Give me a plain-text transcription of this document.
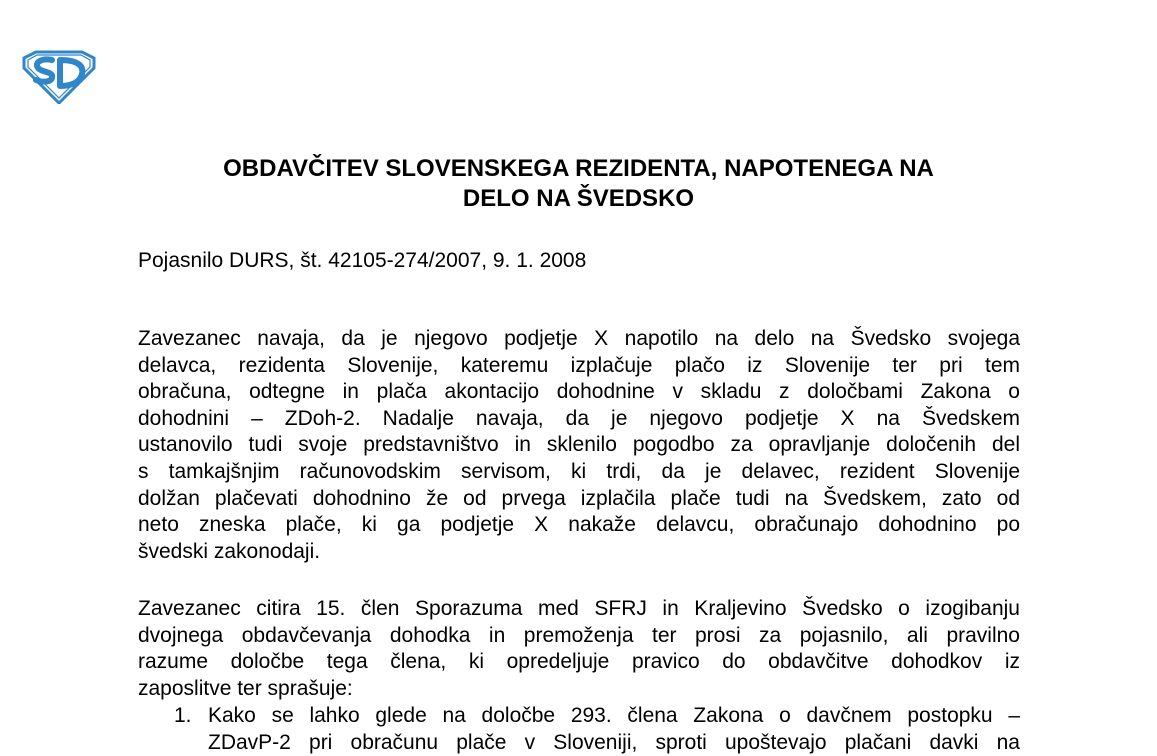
OBDAVČITEV SLOVENSKEGA REZIDENTA, NAPOTENEGA NA
DELO NA ŠVEDSKO
Pojasnilo DURS, št. 42105-274/2007, 9. 1. 2008

Zavezanec navaja, da je njegovo podjetje X napotilo na delo na Švedsko svojega
delavca, rezidenta Slovenije, kateremu izplačuje plačo iz Slovenije ter pri tem
obračuna, odtegne in plača akontacijo dohodnine v skladu z določbami Zakona o
dohodnini – ZDoh-2. Nadalje navaja, da je njegovo podjetje X na Švedskem
ustanovilo tudi svoje predstavništvo in sklenilo pogodbo za opravljanje določenih del
s tamkajšnjim računovodskim servisom, ki trdi, da je delavec, rezident Slovenije
dolžan plačevati dohodnino že od prvega izplačila plače tudi na Švedskem, zato od
neto zneska plače, ki ga podjetje X nakaže delavcu, obračunajo dohodnino po
švedski zakonodaji.

Zavezanec citira 15. člen Sporazuma med SFRJ in Kraljevino Švedsko o izogibanju
dvojnega obdavčevanja dohodka in premoženja ter prosi za pojasnilo, ali pravilno
razume določbe tega člena, ki opredeljuje pravico do obdavčitve dohodkov iz
zaposlitve ter sprašuje:

1. Kako se lahko glede na določbe 293. člena Zakona o davčnem postopku –
ZDavP-2 pri obračunu plače v Sloveniji, sproti upoštevajo plačani davki na
